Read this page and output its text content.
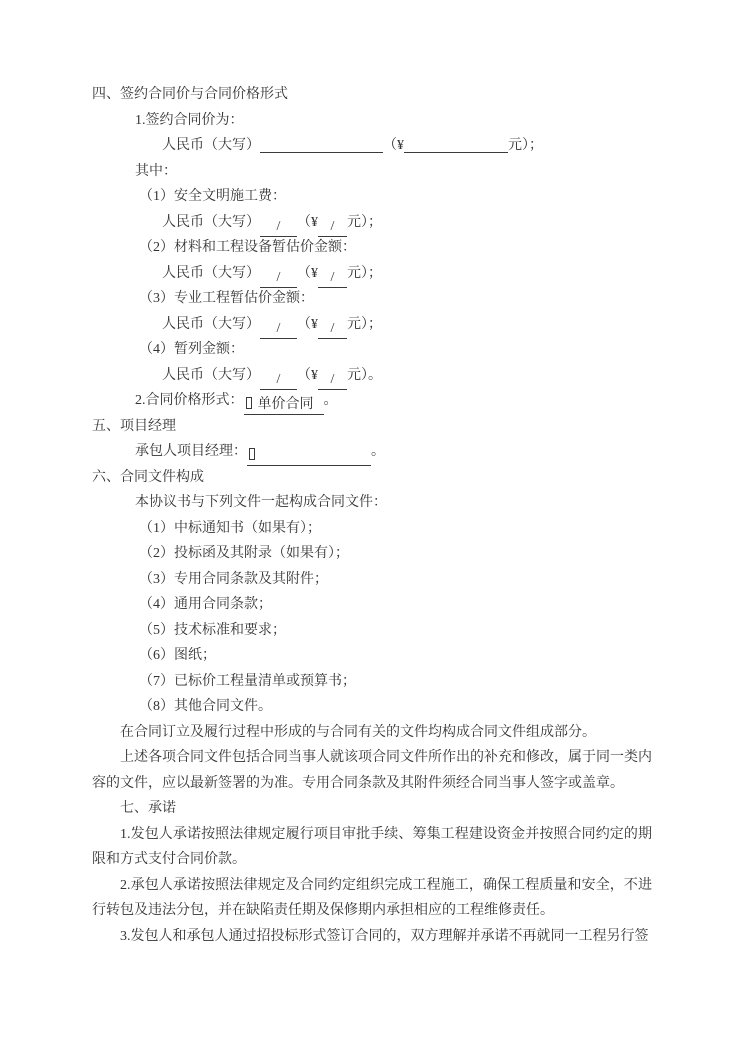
四、签约合同价与合同价格形式
1.签约合同价为：
人民币（大写）	（¥	元）；
其中：
（1）安全文明施工费：
人民币（大写） / （¥ / 元）；
（2）材料和工程设备暂估价金额：
人民币（大写） / （¥ / 元）；
（3）专业工程暂估价金额：
人民币（大写） / （¥ / 元）；
（4）暂列金额：
人民币（大写） / （¥ / 元）。
2.合同价格形式： 单价合同 。
五、项目经理
承包人项目经理：	。
六、合同文件构成
本协议书与下列文件一起构成合同文件：
（1）中标通知书（如果有）；
（2）投标函及其附录（如果有）；
（3）专用合同条款及其附件；
（4）通用合同条款；
（5）技术标准和要求；
（6）图纸；
（7）已标价工程量清单或预算书；
（8）其他合同文件。
在合同订立及履行过程中形成的与合同有关的文件均构成合同文件组成部分。
上述各项合同文件包括合同当事人就该项合同文件所作出的补充和修改，属于同一类内容的文件，应以最新签署的为准。专用合同条款及其附件须经合同当事人签字或盖章。
七、承诺
1.发包人承诺按照法律规定履行项目审批手续、筹集工程建设资金并按照合同约定的期限和方式支付合同价款。
2.承包人承诺按照法律规定及合同约定组织完成工程施工，确保工程质量和安全，不进行转包及违法分包，并在缺陷责任期及保修期内承担相应的工程维修责任。
3.发包人和承包人通过招投标形式签订合同的，双方理解并承诺不再就同一工程另行签
